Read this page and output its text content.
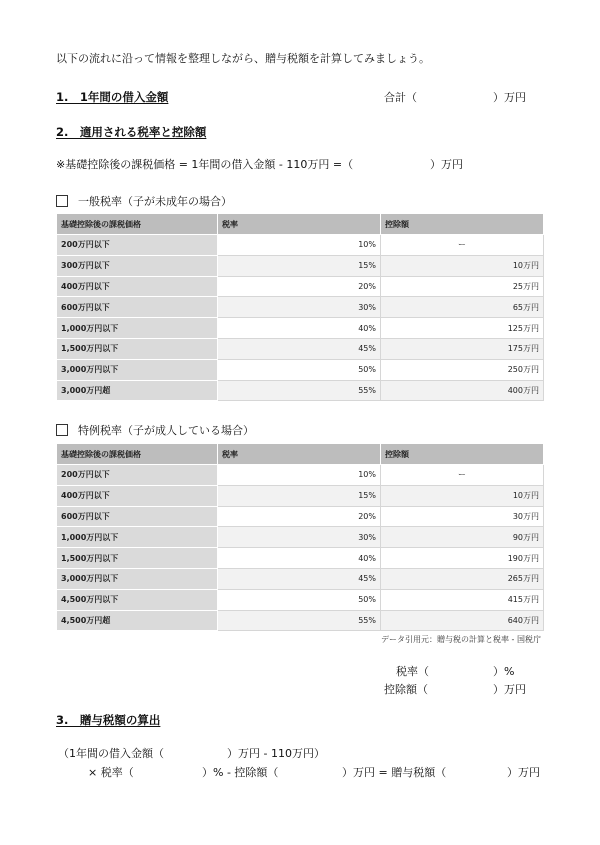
以下の流れに沿って情報を整理しながら、贈与税額を計算してみましょう。
1.　1年間の借入金額	合計（	）万円
2.　適用される税率と控除額
※基礎控除後の課税価格 = 1年間の借入金額 - 110万円 =（	）万円
一般税率（子が未成年の場合）
基礎控除後の課税価格	税率	控除額
200万円以下	10%	ー
300万円以下	15%	10万円
400万円以下	20%	25万円
600万円以下	30%	65万円
1,000万円以下	40%	125万円
1,500万円以下	45%	175万円
3,000万円以下	50%	250万円
3,000万円超	55%	400万円
特例税率（子が成人している場合）
基礎控除後の課税価格	税率	控除額
200万円以下	10%	ー
400万円以下	15%	10万円
600万円以下	20%	30万円
1,000万円以下	30%	90万円
1,500万円以下	40%	190万円
3,000万円以下	45%	265万円
4,500万円以下	50%	415万円
4,500万円超	55%	640万円
データ引用元：贈与税の計算と税率 - 国税庁
税率（	）%
控除額（	）万円
3.　贈与税額の算出
（1年間の借入金額（	）万円 - 110万円）
× 税率（	）% - 控除額（	）万円 = 贈与税額（	）万円
